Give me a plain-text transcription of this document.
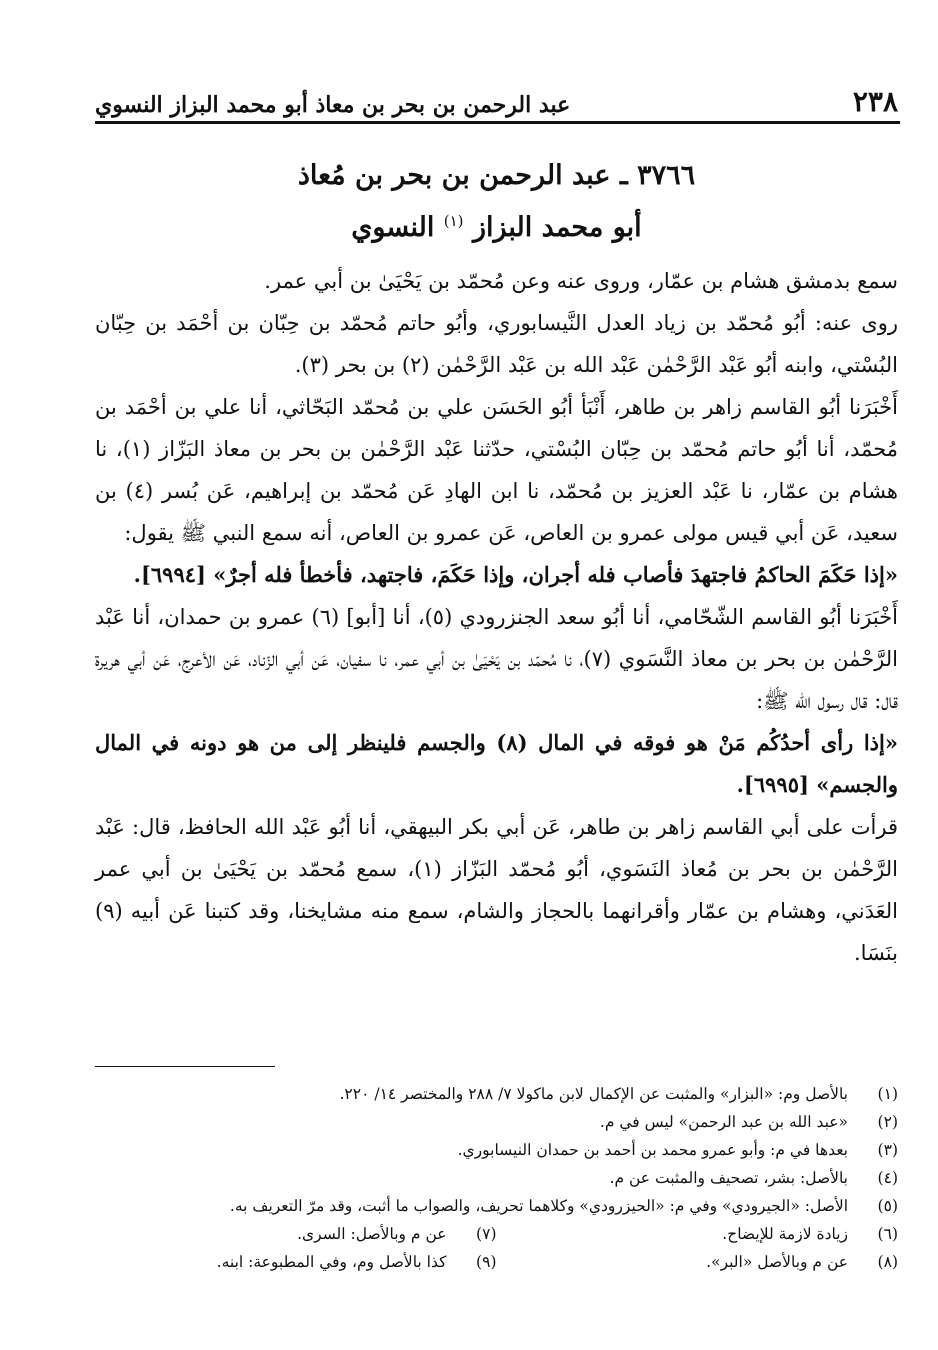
٢٣٨
عبد الرحمن بن بحر بن معاذ أبو محمد البزاز النسوي
٣٧٦٦ ـ عبد الرحمن بن بحر بن مُعاذ
أبو محمد البزاز $^{(١)}$ النسوي

سمع بدمشق هشام بن عمّار، وروى عنه وعن مُحمّد بن يَحْيَىٰ بن أبي عمر.

روى عنه: أبُو مُحمّد بن زياد العدل النَّيسابوري، وأبُو حاتم مُحمّد بن حِبّان بن أحْمَد بن حِبّان البُسْتي، وابنه أبُو عَبْد الرَّحْمٰن عَبْد الله بن عَبْد الرَّحْمٰن (٢) بن بحر (٣).

أَخْبَرَنا أبُو القاسم زاهر بن طاهر، أَنْبَأ أبُو الحَسَن علي بن مُحمّد البَحّاثي، أنا علي بن أحْمَد بن مُحمّد، أنا أبُو حاتم مُحمّد بن حِبّان البُسْتي، حدّثنا عَبْد الرَّحْمٰن بن بحر بن معاذ البَزّاز (١)، نا هشام بن عمّار، نا عَبْد العزيز بن مُحمّد، نا ابن الهادِ عَن مُحمّد بن إبراهيم، عَن بُسر (٤) بن سعيد، عَن أبي قيس مولى عمرو بن العاص، عَن عمرو بن العاص، أنه سمع النبي ﷺ يقول:

«إذا حَكَمَ الحاكمُ فاجتهدَ فأصاب فله أجران، وإذا حَكَمَ، فاجتهد، فأخطأ فله أجرٌ» [٦٩٩٤].

أَخْبَرَنا أبُو القاسم الشّحّامي، أنا أبُو سعد الجنزرودي (٥)، أنا [أبو] (٦) عمرو بن حمدان، أنا عَبْد الرَّحْمٰن بن بحر بن معاذ النَّسَوي (٧)، نا مُحمّد بن يَحْيَىٰ بن أبي عمر، نا سفيان، عَن أبي الزّناد، عَن الأعرج، عَن أبي هريرة قال: قال رسول الله ﷺ:

«إذا رأى أحدُكُم مَنْ هو فوقه في المال (٨) والجسم فلينظر إلى من هو دونه في المال والجسم» [٦٩٩٥].

قرأت على أبي القاسم زاهر بن طاهر، عَن أبي بكر البيهقي، أنا أبُو عَبْد الله الحافظ، قال: عَبْد الرَّحْمٰن بن بحر بن مُعاذ النَسَوي، أبُو مُحمّد البَزّاز (١)، سمع مُحمّد بن يَحْيَىٰ بن أبي عمر العَدَني، وهشام بن عمّار وأقرانهما بالحجاز والشام، سمع منه مشايخنا، وقد كتبنا عَن أبيه (٩) بنَسَا.

(١)
بالأصل وم: «البزار» والمثبت عن الإكمال لابن ماكولا ٧/ ٢٨٨ والمختصر ١٤/ ٢٢٠.
(٢)
«عبد الله بن عبد الرحمن» ليس في م.
(٣)
بعدها في م: وأبو عمرو محمد بن أحمد بن حمدان النيسابوري.
(٤)
بالأصل: بشر، تصحيف والمثبت عن م.
(٥)
الأصل: «الجيرودي» وفي م: «الحيزرودي» وكلاهما تحريف، والصواب ما أثبت، وقد مرّ التعريف به.
(٦)
زيادة لازمة للإيضاح.
(٧)
عن م وبالأصل: السرى.
(٨)
عن م وبالأصل «البر».
(٩)
كذا بالأصل وم، وفي المطبوعة: ابنه.
